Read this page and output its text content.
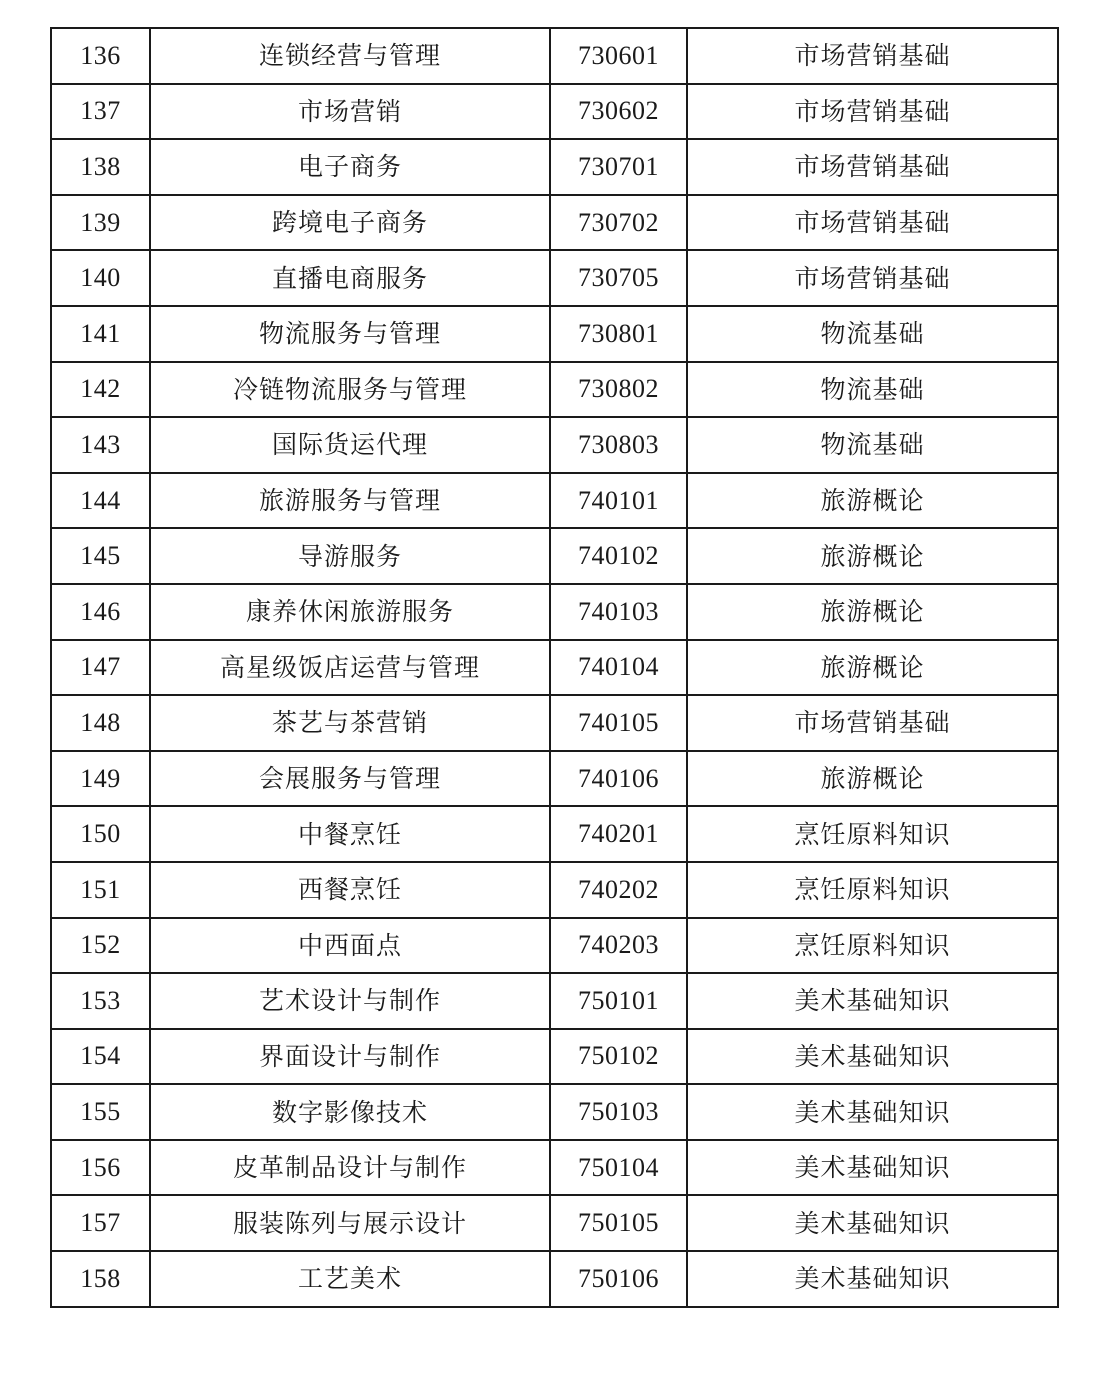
136	连锁经营与管理	730601	市场营销基础
137	市场营销	730602	市场营销基础
138	电子商务	730701	市场营销基础
139	跨境电子商务	730702	市场营销基础
140	直播电商服务	730705	市场营销基础
141	物流服务与管理	730801	物流基础
142	冷链物流服务与管理	730802	物流基础
143	国际货运代理	730803	物流基础
144	旅游服务与管理	740101	旅游概论
145	导游服务	740102	旅游概论
146	康养休闲旅游服务	740103	旅游概论
147	高星级饭店运营与管理	740104	旅游概论
148	茶艺与茶营销	740105	市场营销基础
149	会展服务与管理	740106	旅游概论
150	中餐烹饪	740201	烹饪原料知识
151	西餐烹饪	740202	烹饪原料知识
152	中西面点	740203	烹饪原料知识
153	艺术设计与制作	750101	美术基础知识
154	界面设计与制作	750102	美术基础知识
155	数字影像技术	750103	美术基础知识
156	皮革制品设计与制作	750104	美术基础知识
157	服装陈列与展示设计	750105	美术基础知识
158	工艺美术	750106	美术基础知识
